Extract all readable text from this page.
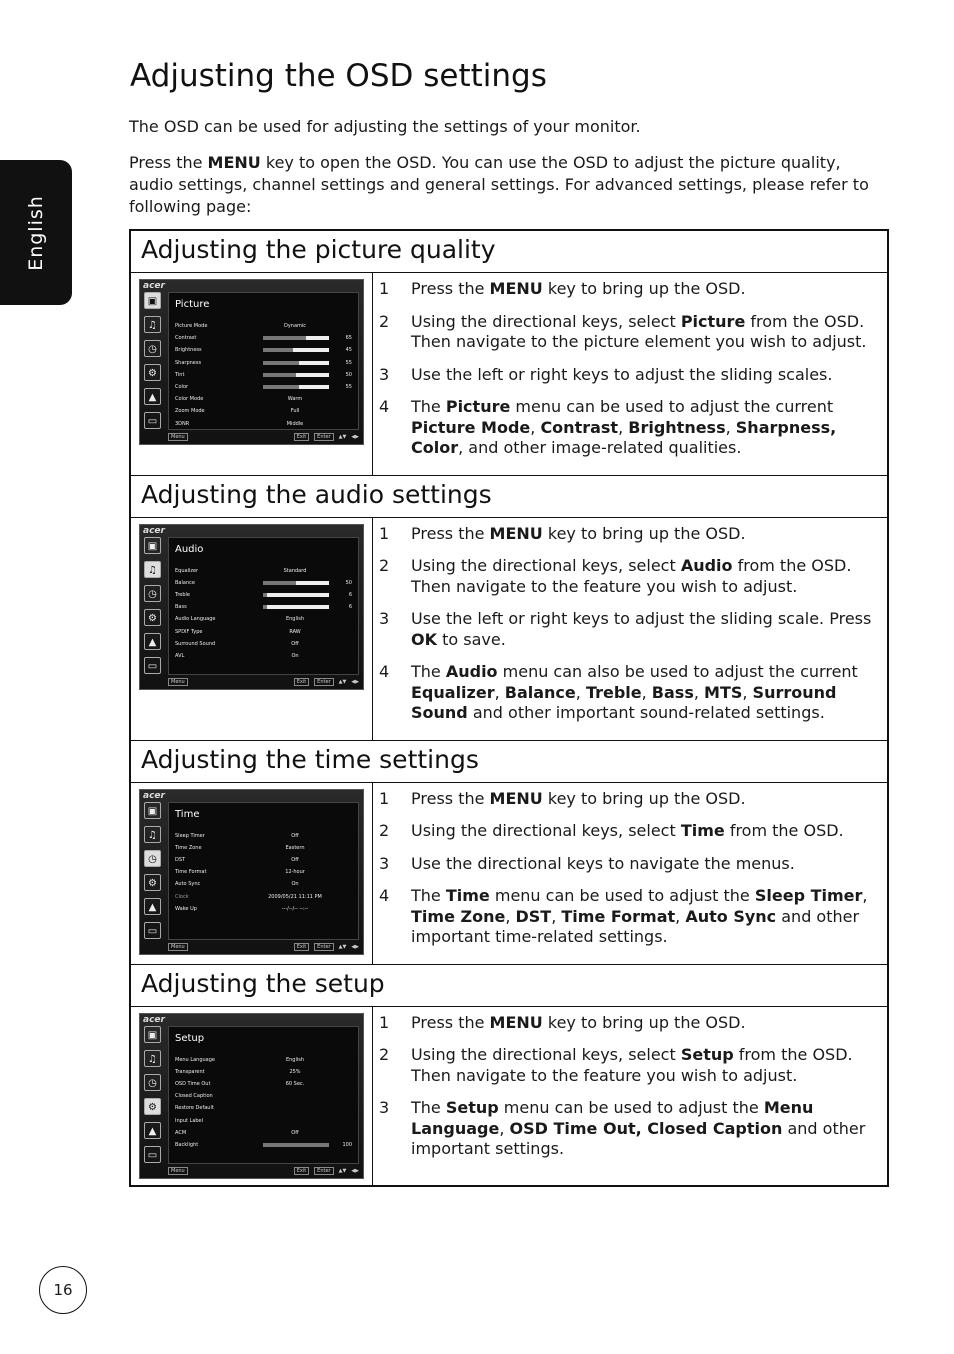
English
Adjusting the OSD settings

The OSD can be used for adjusting the settings of your monitor.

Press the MENU key to open the OSD. You can use the OSD to adjust the picture quality, audio settings, channel settings and general settings. For advanced settings, please refer to following page:

Adjusting the picture quality
acer
▣
♫
◷
⚙
▲
▭
Picture
Picture Mode	Dynamic
Contrast	65
Brightness	45
Sharpness	55
Tint	50
Color	55
Color Mode	Warm
Zoom Mode	Full
3DNR	Middle
Menu	Exit	Enter	▲▼ ◀▶
1	Press the MENU key to bring up the OSD.
2	Using the directional keys, select Picture from the OSD. Then navigate to the picture element you wish to adjust.
3	Use the left or right keys to adjust the sliding scales.
4	The Picture menu can be used to adjust the current Picture Mode, Contrast, Brightness, Sharpness, Color, and other image-related qualities.
Adjusting the audio settings
acer
▣
♫
◷
⚙
▲
▭
Audio
Equalizer	Standard
Balance	50
Treble	6
Bass	6
Audio Language	English
SPDIF Type	RAW
Surround Sound	Off
AVL	On
Menu	Exit	Enter	▲▼ ◀▶
1	Press the MENU key to bring up the OSD.
2	Using the directional keys, select Audio from the OSD. Then navigate to the feature you wish to adjust.
3	Use the left or right keys to adjust the sliding scale. Press OK to save.
4	The Audio menu can also be used to adjust the current Equalizer, Balance, Treble, Bass, MTS, Surround Sound and other important sound-related settings.
Adjusting the time settings
acer
▣
♫
◷
⚙
▲
▭
Time
Sleep Timer	Off
Time Zone	Eastern
DST	Off
Time Format	12-hour
Auto Sync	On
Clock	2009/05/21 11:11 PM
Wake Up	---/--/-- --:--
Menu	Exit	Enter	▲▼ ◀▶
1	Press the MENU key to bring up the OSD.
2	Using the directional keys, select Time from the OSD.
3	Use the directional keys to navigate the menus.
4	The Time menu can be used to adjust the Sleep Timer, Time Zone, DST, Time Format, Auto Sync and other important time-related settings.
Adjusting the setup
acer
▣
♫
◷
⚙
▲
▭
Setup
Menu Language	English
Transparent	25%
OSD Time Out	60 Sec.
Closed Caption
Restore Default
Input Label
ACM	Off
Backlight	100
Menu	Exit	Enter	▲▼ ◀▶
1	Press the MENU key to bring up the OSD.
2	Using the directional keys, select Setup from the OSD. Then navigate to the feature you wish to adjust.
3	The Setup menu can be used to adjust the Menu Language, OSD Time Out, Closed Caption and other important settings.
16
